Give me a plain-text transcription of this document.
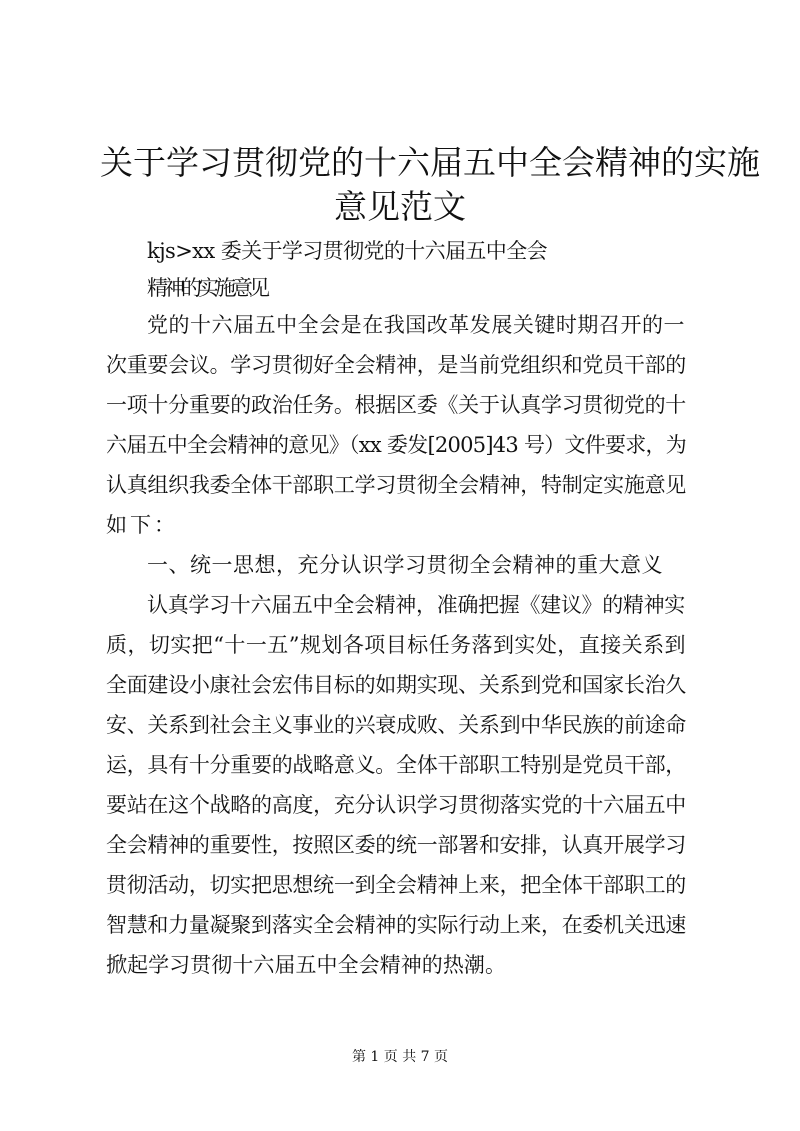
关于学习贯彻党的十六届五中全会精神的实施
意见范文
kjs>xx 委关于学习贯彻党的十六届五中全会
精神的实施意见
党的十六届五中全会是在我国改革发展关键时期召开的一
次重要会议。学习贯彻好全会精神，是当前党组织和党员干部的
一项十分重要的政治任务。根据区委《关于认真学习贯彻党的十
六届五中全会精神的意见》（xx 委发[2005]43 号）文件要求，为
认真组织我委全体干部职工学习贯彻全会精神，特制定实施意见
如下：
一、统一思想，充分认识学习贯彻全会精神的重大意义
认真学习十六届五中全会精神，准确把握《建议》的精神实
质，切实把“十一五”规划各项目标任务落到实处，直接关系到
全面建设小康社会宏伟目标的如期实现、关系到党和国家长治久
安、关系到社会主义事业的兴衰成败、关系到中华民族的前途命
运，具有十分重要的战略意义。全体干部职工特别是党员干部，
要站在这个战略的高度，充分认识学习贯彻落实党的十六届五中
全会精神的重要性，按照区委的统一部署和安排，认真开展学习
贯彻活动，切实把思想统一到全会精神上来，把全体干部职工的
智慧和力量凝聚到落实全会精神的实际行动上来，在委机关迅速
掀起学习贯彻十六届五中全会精神的热潮。
第 1 页 共 7 页
